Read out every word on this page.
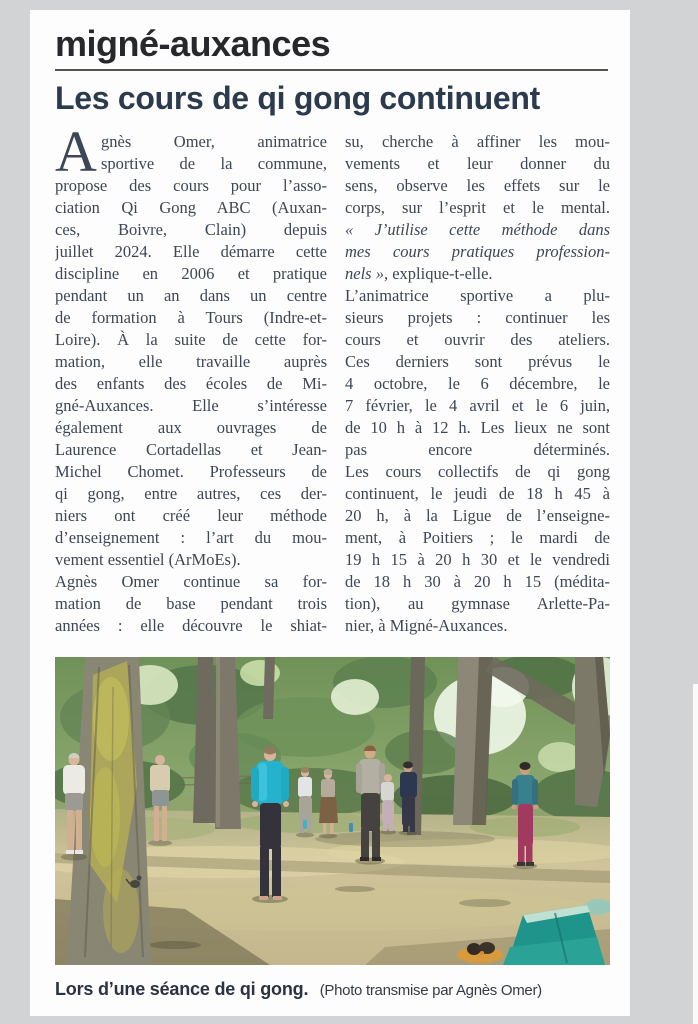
migné-auxances
Les cours de qi gong continuent
A gnès Omer, animatrice
sportive de la commune,
propose des cours pour l’asso-
ciation Qi Gong ABC (Auxan-
ces, Boivre, Clain) depuis
juillet 2024. Elle démarre cette
discipline en 2006 et pratique
pendant un an dans un centre
de formation à Tours (Indre-et-
Loire). À la suite de cette for-
mation, elle travaille auprès
des enfants des écoles de Mi-
gné-Auxances. Elle s’intéresse
également aux ouvrages de
Laurence Cortadellas et Jean-
Michel Chomet. Professeurs de
qi gong, entre autres, ces der-
niers ont créé leur méthode
d’enseignement : l’art du mou-
vement essentiel (ArMoEs).
Agnès Omer continue sa for-
mation de base pendant trois
années : elle découvre le shiat-
su, cherche à affiner les mou-
vements et leur donner du
sens, observe les effets sur le
corps, sur l’esprit et le mental.
« J’utilise cette méthode dans
mes cours pratiques profession-
nels », explique-t-elle.
L’animatrice sportive a plu-
sieurs projets : continuer les
cours et ouvrir des ateliers.
Ces derniers sont prévus le
4 octobre, le 6 décembre, le
7 février, le 4 avril et le 6 juin,
de 10 h à 12 h. Les lieux ne sont
pas encore déterminés.
Les cours collectifs de qi gong
continuent, le jeudi de 18 h 45 à
20 h, à la Ligue de l’enseigne-
ment, à Poitiers ; le mardi de
19 h 15 à 20 h 30 et le vendredi
de 18 h 30 à 20 h 15 (médita-
tion), au gymnase Arlette-Pa-
nier, à Migné-Auxances.
Lors d’une séance de qi gong. (Photo transmise par Agnès Omer)
